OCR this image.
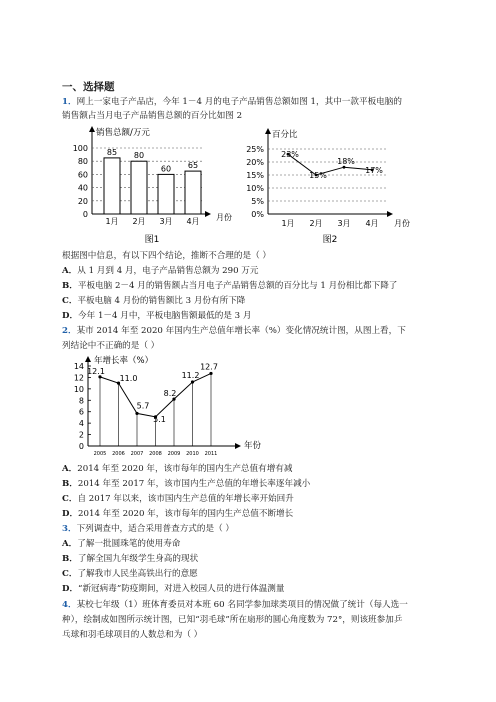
一、选择题
1．网上一家电子产品店，今年 1－4 月的电子产品销售总额如图 1，其中一款平板电脑的
销售额占当月电子产品销售总额的百分比如图 2
0
20
40
60
80
100 85
1月
80
2月
60
3月
65
4月
销售总额/万元
月份
图1
0%
5%
10%
15%
20%
25%
23%
1月
15%
2月
18%
3月
17%
4月
百分比
月份
图2
根据图中信息，有以下四个结论，推断不合理的是（ ）
A．从 1 月到 4 月，电子产品销售总额为 290 万元
B．平板电脑 2－4 月的销售额占当月电子产品销售总额的百分比与 1 月份相比都下降了
C．平板电脑 4 月份的销售额比 3 月份有所下降
D．今年 1－4 月中，平板电脑售额最低的是 3 月
2．某市 2014 年至 2020 年国内生产总值年增长率（%）变化情况统计图，从图上看，下
列结论中不正确的是（ ）
0
2
4
6
8
10
12
14
12.1
2005
11.0
2006
5.7
2007
5.1
2008
8.2
2009
11.2
2010
12.7
2011
年增长率（%）
年份
A．2014 年至 2020 年，该市每年的国内生产总值有增有减
B．2014 年至 2017 年，该市国内生产总值的年增长率逐年减小
C．自 2017 年以来，该市国内生产总值的年增长率开始回升
D．2014 年至 2020 年，该市每年的国内生产总值不断增长
3．下列调查中，适合采用普查方式的是（ ）
A．了解一批圆珠笔的使用寿命
B．了解全国九年级学生身高的现状
C．了解我市人民坐高铁出行的意愿
D．“新冠病毒”防疫期间，对进入校园人员的进行体温测量
4．某校七年级（1）班体育委员对本班 60 名同学参加球类项目的情况做了统计（每人选一
种），绘制成如图所示统计图，已知“羽毛球”所在扇形的圆心角度数为 72°，则该班参加乒
乓球和羽毛球项目的人数总和为（ ）
